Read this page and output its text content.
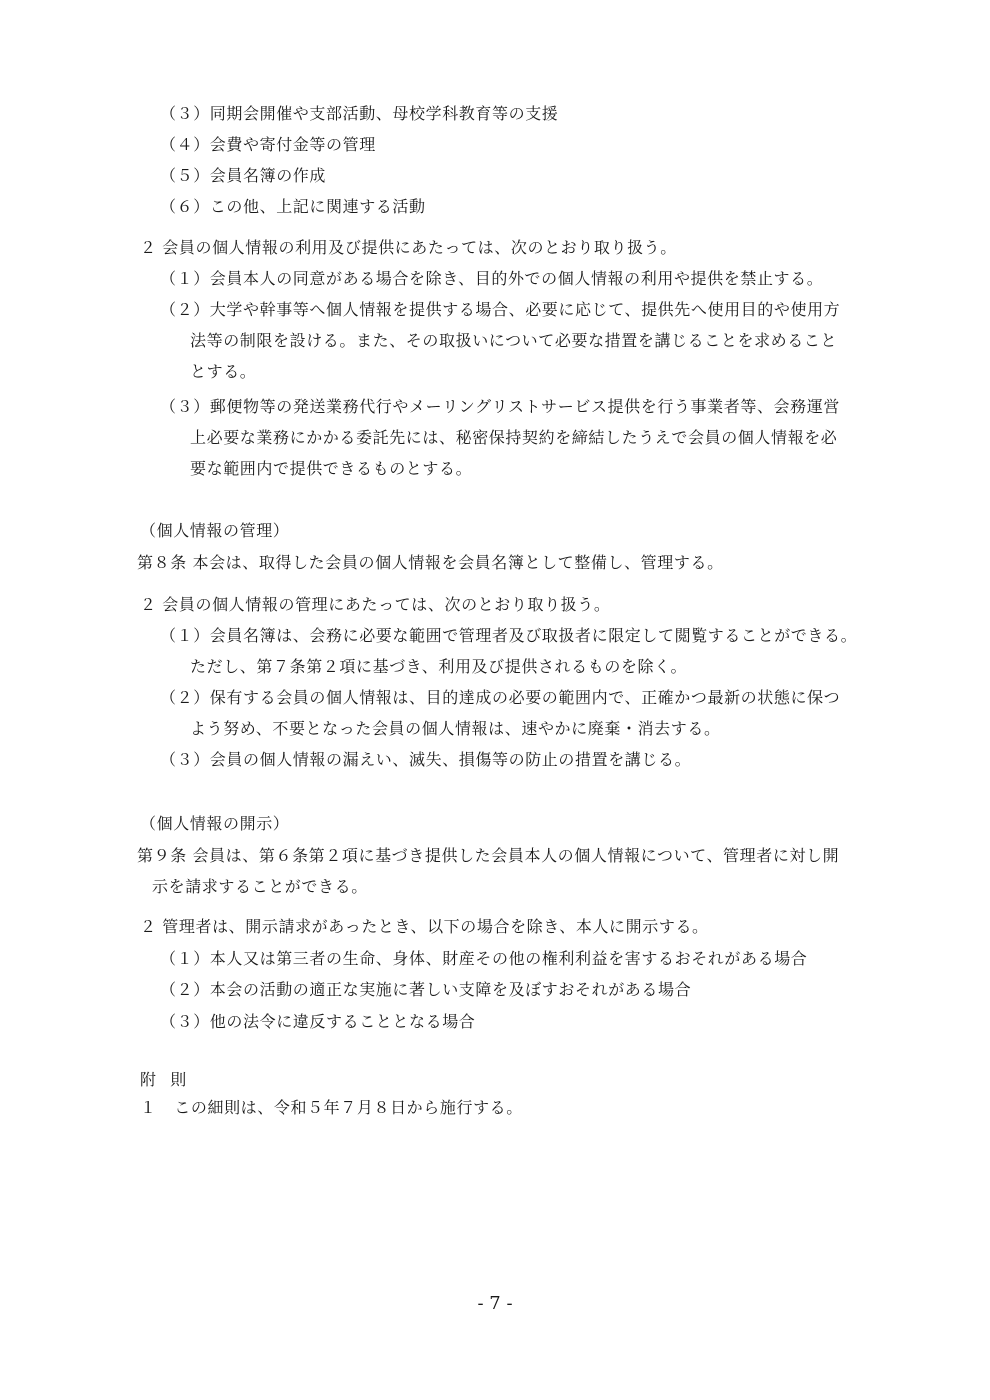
（３）同期会開催や支部活動、母校学科教育等の支援
（４）会費や寄付金等の管理
（５）会員名簿の作成
（６）この他、上記に関連する活動
２ 会員の個人情報の利用及び提供にあたっては、次のとおり取り扱う。
（１）会員本人の同意がある場合を除き、目的外での個人情報の利用や提供を禁止する。
（２）大学や幹事等へ個人情報を提供する場合、必要に応じて、提供先へ使用目的や使用方
法等の制限を設ける。また、その取扱いについて必要な措置を講じることを求めること
とする。
（３）郵便物等の発送業務代行やメーリングリストサービス提供を行う事業者等、会務運営
上必要な業務にかかる委託先には、秘密保持契約を締結したうえで会員の個人情報を必
要な範囲内で提供できるものとする。
（個人情報の管理）
第８条 本会は、取得した会員の個人情報を会員名簿として整備し、管理する。
２ 会員の個人情報の管理にあたっては、次のとおり取り扱う。
（１）会員名簿は、会務に必要な範囲で管理者及び取扱者に限定して閲覧することができる。
ただし、第７条第２項に基づき、利用及び提供されるものを除く。
（２）保有する会員の個人情報は、目的達成の必要の範囲内で、正確かつ最新の状態に保つ
よう努め、不要となった会員の個人情報は、速やかに廃棄・消去する。
（３）会員の個人情報の漏えい、滅失、損傷等の防止の措置を講じる。
（個人情報の開示）
第９条 会員は、第６条第２項に基づき提供した会員本人の個人情報について、管理者に対し開
示を請求することができる。
２ 管理者は、開示請求があったとき、以下の場合を除き、本人に開示する。
（１）本人又は第三者の生命、身体、財産その他の権利利益を害するおそれがある場合
（２）本会の活動の適正な実施に著しい支障を及ぼすおそれがある場合
（３）他の法令に違反することとなる場合
附 則
１ この細則は、令和５年７月８日から施行する。
- 7 -
